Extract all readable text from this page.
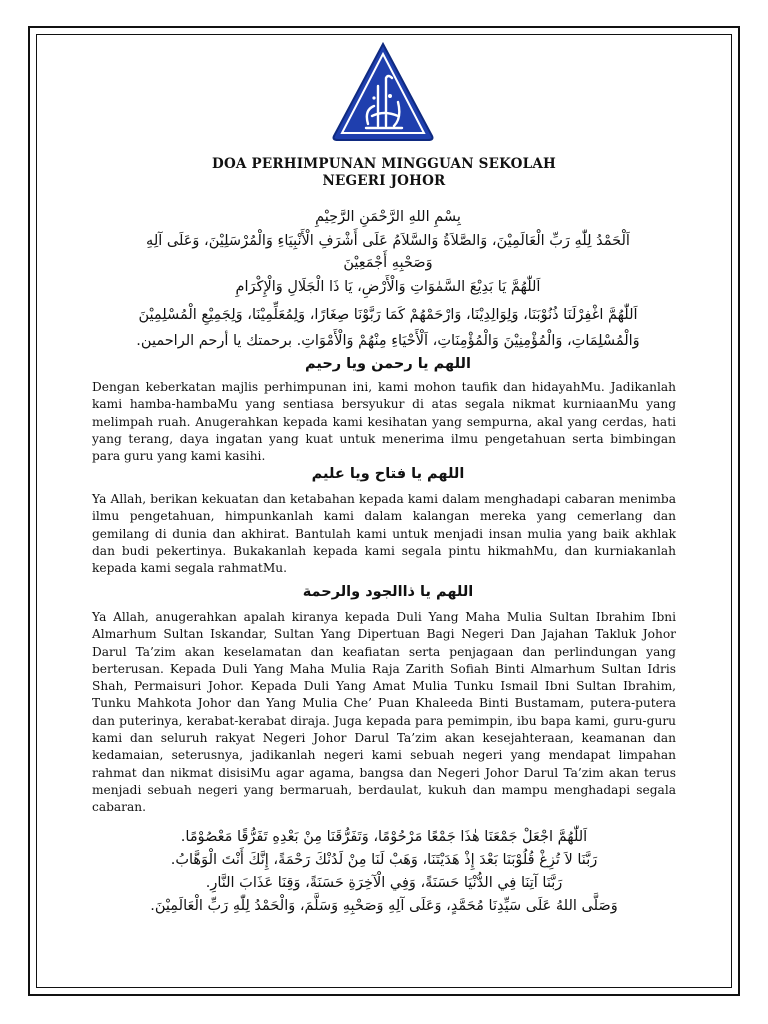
DOA PERHIMPUNAN MINGGUAN SEKOLAH
NEGERI JOHOR
بِسْمِ اللهِ الرَّحْمَنِ الرَّحِيْمِ
اَلْحَمْدُ لِلّٰهِ رَبِّ الْعَالَمِيْنَ، وَالصَّلاَةُ وَالسَّلاَمُ عَلَى أَشْرَفِ الْأَنْبِيَاءِ وَالْمُرْسَلِيْنَ، وَعَلَى آلِهِ
وَصَحْبِهِ أَجْمَعِيْنَ
اَللّٰهُمَّ يَا بَدِيْعَ السَّمٰوَاتِ وَالْأَرْضِ، يَا ذَا الْجَلَالِ وَالْإِكْرَامِ
اَللّٰهُمَّ اغْفِرْلَنَا ذُنُوْبَنَا، وَلِوَالِدِيْنَا، وَارْحَمْهُمْ كَمَا رَبَّوْنَا صِغَارًا، وَلِمُعَلِّمِيْنَا، وَلِجَمِيْعِ الْمُسْلِمِيْنَ
وَالْمُسْلِمَاتِ، وَالْمُؤْمِنِيْنَ وَالْمُؤْمِنَاتِ، اَلْأَحْيَاءِ مِنْهُمْ وَالْأَمْوَاتِ. برحمتك يا أرحم الراحمين.
اللهم يا رحمن ويا رحيم
Dengan keberkatan majlis perhimpunan ini, kami mohon taufik dan hidayahMu. Jadikanlah kami hamba-hambaMu yang sentiasa bersyukur di atas segala nikmat kurniaanMu yang melimpah ruah. Anugerahkan kepada kami kesihatan yang sempurna, akal yang cerdas, hati yang terang, daya ingatan yang kuat untuk menerima ilmu pengetahuan serta bimbingan para guru yang kami kasihi.
اللهم يا فتاح ويا عليم
Ya Allah, berikan kekuatan dan ketabahan kepada kami dalam menghadapi cabaran menimba ilmu pengetahuan, himpunkanlah kami dalam kalangan mereka yang cemerlang dan gemilang di dunia dan akhirat. Bantulah kami untuk menjadi insan mulia yang baik akhlak dan budi pekertinya. Bukakanlah kepada kami segala pintu hikmahMu, dan kurniakanlah kepada kami segala rahmatMu.
اللهم يا ذاالجود والرحمة
Ya Allah, anugerahkan apalah kiranya kepada Duli Yang Maha Mulia Sultan Ibrahim Ibni Almarhum Sultan Iskandar, Sultan Yang Dipertuan Bagi Negeri Dan Jajahan Takluk Johor Darul Ta’zim akan keselamatan dan keafiatan serta penjagaan dan perlindungan yang berterusan. Kepada Duli Yang Maha Mulia Raja Zarith Sofiah Binti Almarhum Sultan Idris Shah, Permaisuri Johor. Kepada Duli Yang Amat Mulia Tunku Ismail Ibni Sultan Ibrahim, Tunku Mahkota Johor dan Yang Mulia Che’ Puan Khaleeda Binti Bustamam, putera-putera dan puterinya, kerabat-kerabat diraja. Juga kepada para pemimpin, ibu bapa kami, guru-guru kami dan seluruh rakyat Negeri Johor Darul Ta’zim akan kesejahteraan, keamanan dan kedamaian, seterusnya, jadikanlah negeri kami sebuah negeri yang mendapat limpahan rahmat dan nikmat disisiMu agar agama, bangsa dan Negeri Johor Darul Ta’zim akan terus menjadi sebuah negeri yang bermaruah, berdaulat, kukuh dan mampu menghadapi segala cabaran.
اَللّٰهُمَّ اجْعَلْ جَمْعَنَا هٰذَا جَمْعًا مَرْحُوْمًا، وَتَفَرُّقَنَا مِنْ بَعْدِهِ تَفَرُّقًا مَعْصُوْمًا.
رَبَّنَا لاَ تُزِغْ قُلُوْبَنَا بَعْدَ إِذْ هَدَيْتَنَا، وَهَبْ لَنَا مِنْ لَدُنْكَ رَحْمَةً، إِنَّكَ أَنْتَ الْوَهَّابُ.
رَبَّنَا آتِنَا فِي الدُّنْيَا حَسَنَةً، وَفِي الْآخِرَةِ حَسَنَةً، وَقِنَا عَذَابَ النَّارِ.
وَصَلَّى اللهُ عَلَى سَيِّدِنَا مُحَمَّدٍ، وَعَلَى آلِهِ وَصَحْبِهِ وَسَلَّمَ، وَالْحَمْدُ لِلّٰهِ رَبِّ الْعَالَمِيْنَ.
